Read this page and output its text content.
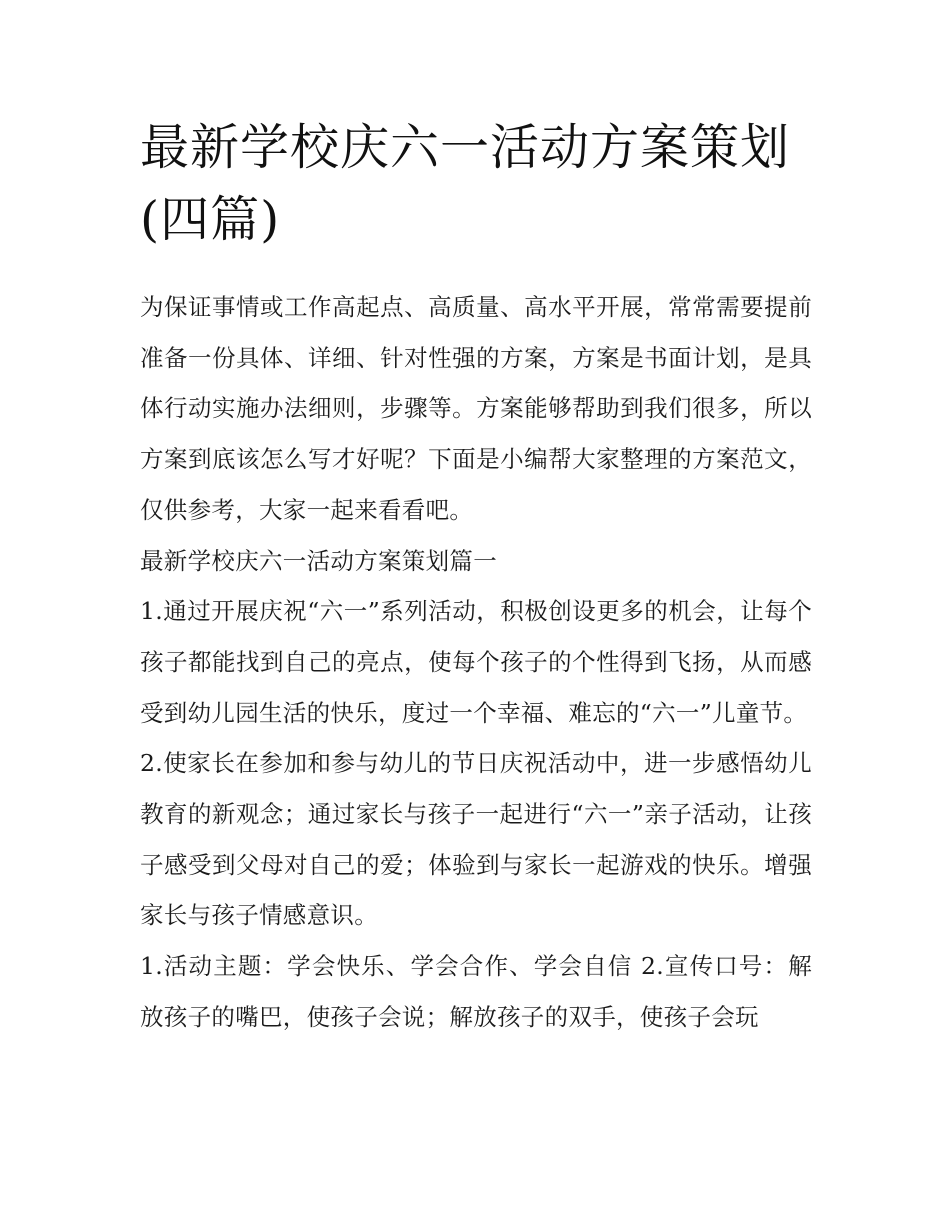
最新学校庆六一活动方案策划(四篇)

为保证事情或工作高起点、高质量、高水平开展，常常需要提前准备一份具体、详细、针对性强的方案，方案是书面计划，是具体行动实施办法细则，步骤等。方案能够帮助到我们很多，所以方案到底该怎么写才好呢？下面是小编帮大家整理的方案范文，仅供参考，大家一起来看看吧。

最新学校庆六一活动方案策划篇一

1.通过开展庆祝“六一”系列活动，积极创设更多的机会，让每个孩子都能找到自己的亮点，使每个孩子的个性得到飞扬，从而感受到幼儿园生活的快乐，度过一个幸福、难忘的“六一”儿童节。

2.使家长在参加和参与幼儿的节日庆祝活动中，进一步感悟幼儿教育的新观念；通过家长与孩子一起进行“六一”亲子活动，让孩子感受到父母对自己的爱；体验到与家长一起游戏的快乐。增强家长与孩子情感意识。

1.活动主题：学会快乐、学会合作、学会自信 2.宣传口号：解放孩子的嘴巴，使孩子会说；解放孩子的双手，使孩子会玩
